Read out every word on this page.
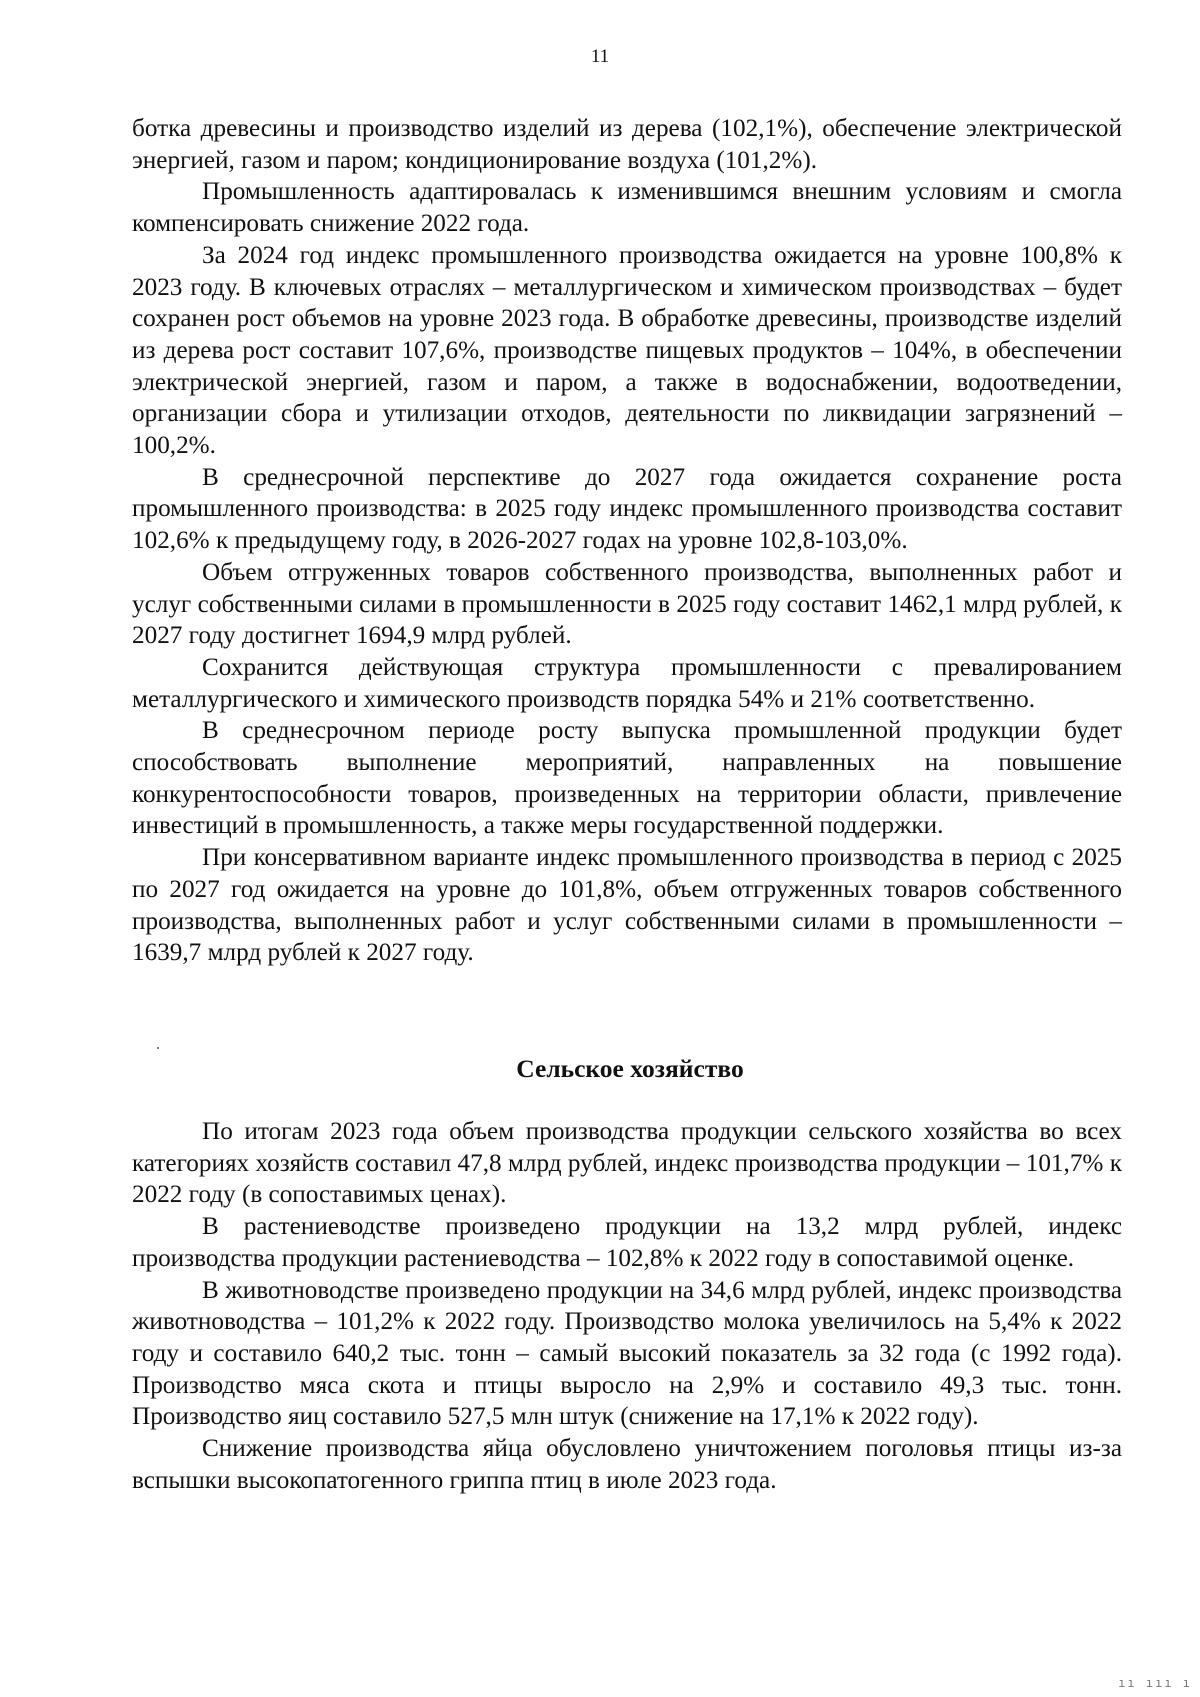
11

ботка древесины и производство изделий из дерева (102,1%), обеспечение электрической энергией, газом и паром; кондиционирование воздуха (101,2%).

Промышленность адаптировалась к изменившимся внешним условиям и смогла компенсировать снижение 2022 года.

За 2024 год индекс промышленного производства ожидается на уровне 100,8% к 2023 году. В ключевых отраслях – металлургическом и химическом производствах – будет сохранен рост объемов на уровне 2023 года. В обработке древесины, производстве изделий из дерева рост составит 107,6%, производстве пищевых продуктов – 104%, в обеспечении электрической энергией, газом и паром, а также в водоснабжении, водоотведении, организации сбора и утилизации отходов, деятельности по ликвидации загрязнений – 100,2%.

В среднесрочной перспективе до 2027 года ожидается сохранение роста промышленного производства: в 2025 году индекс промышленного производства составит 102,6% к предыдущему году, в 2026-2027 годах на уровне 102,8-103,0%.

Объем отгруженных товаров собственного производства, выполненных работ и услуг собственными силами в промышленности в 2025 году составит 1462,1 млрд рублей, к 2027 году достигнет 1694,9 млрд рублей.

Сохранится действующая структура промышленности с превалированием металлургического и химического производств порядка 54% и 21% соответственно.

В среднесрочном периоде росту выпуска промышленной продукции будет способствовать выполнение мероприятий, направленных на повышение конкурентоспособности товаров, произведенных на территории области, привлечение инвестиций в промышленность, а также меры государственной поддержки.

При консервативном варианте индекс промышленного производства в период с 2025 по 2027 год ожидается на уровне до 101,8%, объем отгруженных товаров собственного производства, выполненных работ и услуг собственными силами в промышленности – 1639,7 млрд рублей к 2027 году.

Сельское хозяйство

По итогам 2023 года объем производства продукции сельского хозяйства во всех категориях хозяйств составил 47,8 млрд рублей, индекс производства продукции – 101,7% к 2022 году (в сопоставимых ценах).

В растениеводстве произведено продукции на 13,2 млрд рублей, индекс производства продукции растениеводства – 102,8% к 2022 году в сопоставимой оценке.

В животноводстве произведено продукции на 34,6 млрд рублей, индекс производства животноводства – 101,2% к 2022 году. Производство молока увеличилось на 5,4% к 2022 году и составило 640,2 тыс. тонн – самый высокий показатель за 32 года (с 1992 года). Производство мяса скота и птицы выросло на 2,9% и составило 49,3 тыс. тонн. Производство яиц составило 527,5 млн штук (снижение на 17,1% к 2022 году).

Снижение производства яйца обусловлено уничтожением поголовья птицы из-за вспышки высокопатогенного гриппа птиц в июле 2023 года.

ıı ııı ı
